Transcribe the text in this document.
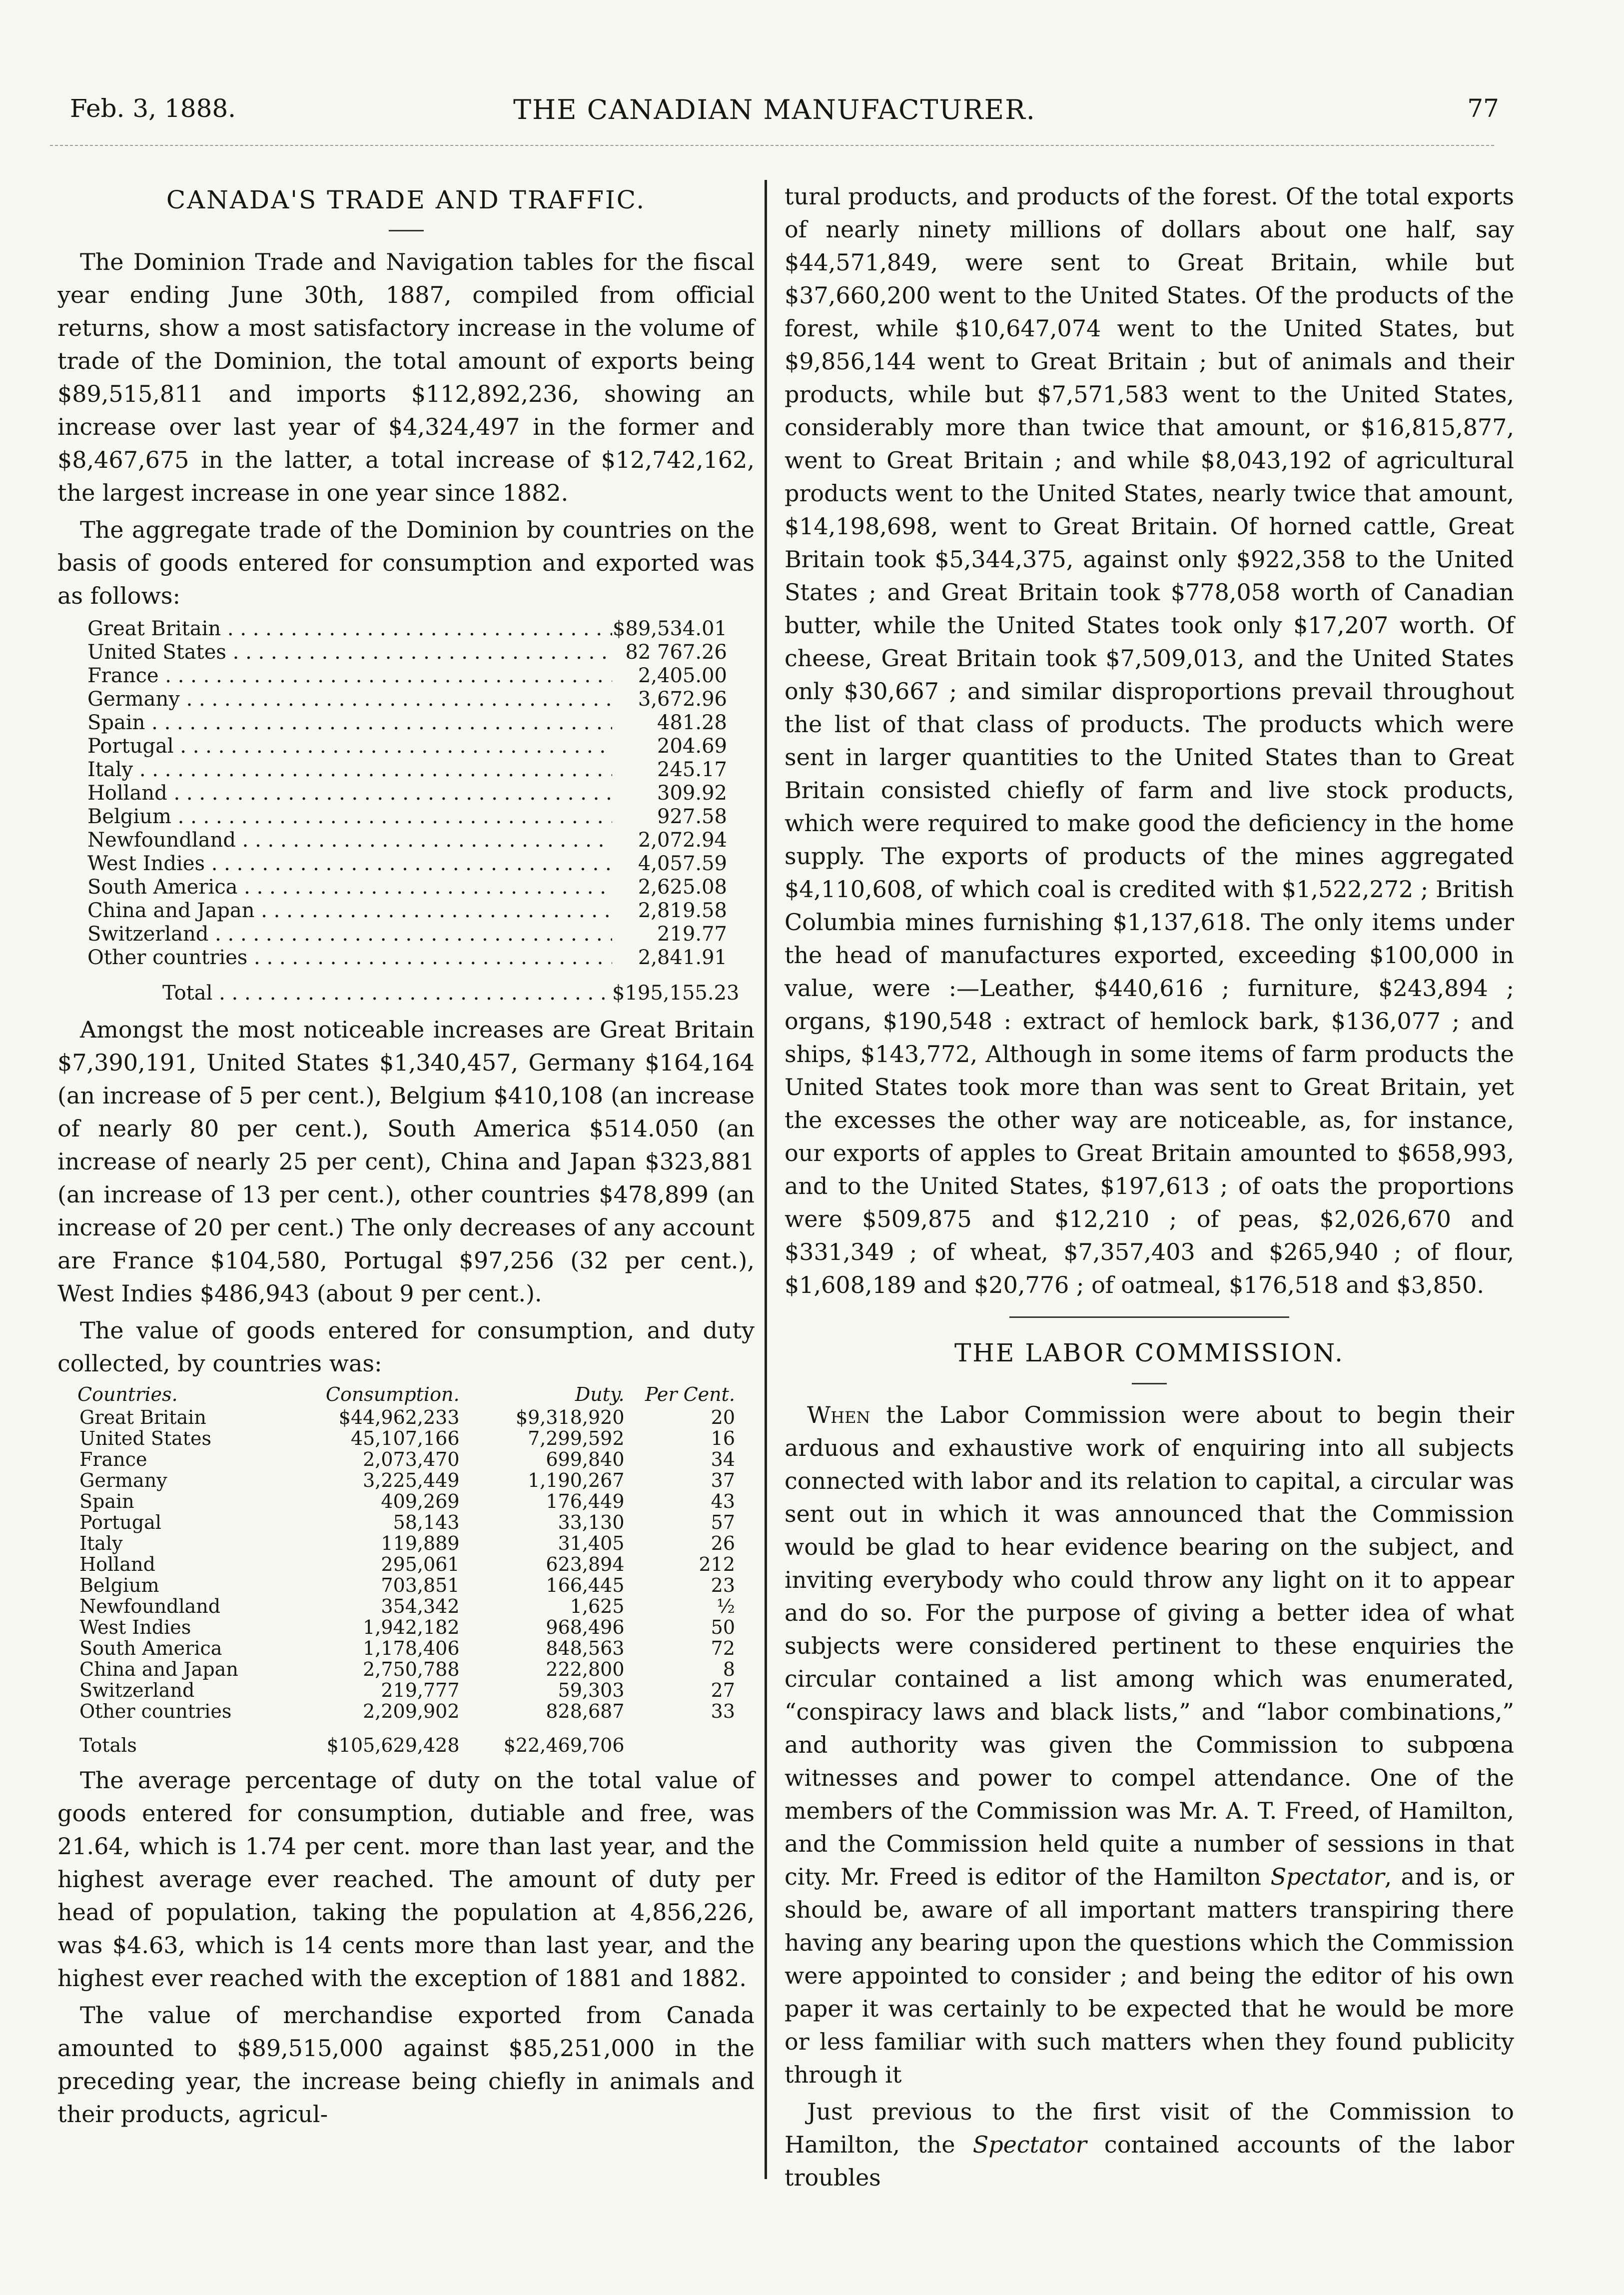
Feb. 3, 1888.	THE CANADIAN MANUFACTURER.	77
CANADA'S TRADE AND TRAFFIC.

The Dominion Trade and Navigation tables for the fiscal year ending June 30th, 1887, compiled from official returns, show a most satisfactory increase in the volume of trade of the Dominion, the total amount of exports being $89,515,811 and imports $112,892,236, showing an increase over last year of $4,324,497 in the former and $8,467,675 in the latter, a total increase of $12,742,162, the largest increase in one year since 1882.

The aggregate trade of the Dominion by countries on the basis of goods entered for consumption and exported was as follows:

Great Britain . . .	$89,534.01
United States . . .	82 767.26
France . . .	2,405.00
Germany . . .	3,672.96
Spain . . .	481.28
Portugal . . .	204.69
Italy . . .	245.17
Holland . . .	309.92
Belgium . . .	927.58
Newfoundland . . .	2,072.94
West Indies . . .	4,057.59
South America . . .	2,625.08
China and Japan . . .	2,819.58
Switzerland . . .	219.77
Other countries . . .	2,841.91
Total . . .	$195,155.23

Amongst the most noticeable increases are Great Britain $7,390,191, United States $1,340,457, Germany $164,164 (an increase of 5 per cent.), Belgium $410,108 (an increase of nearly 80 per cent.), South America $514.050 (an increase of nearly 25 per cent), China and Japan $323,881 (an increase of 13 per cent.), other countries $478,899 (an increase of 20 per cent.) The only decreases of any account are France $104,580, Portugal $97,256 (32 per cent.), West Indies $486,943 (about 9 per cent.).

The value of goods entered for consumption, and duty collected, by countries was:

Countries.	Consumption.	Duty.	Per Cent.
Great Britain	$44,962,233	$9,318,920	20
United States	45,107,166	7,299,592	16
France	2,073,470	699,840	34
Germany	3,225,449	1,190,267	37
Spain	409,269	176,449	43
Portugal	58,143	33,130	57
Italy	119,889	31,405	26
Holland	295,061	623,894	212
Belgium	703,851	166,445	23
Newfoundland	354,342	1,625	½
West Indies	1,942,182	968,496	50
South America	1,178,406	848,563	72
China and Japan	2,750,788	222,800	8
Switzerland	219,777	59,303	27
Other countries	2,209,902	828,687	33
Totals	$105,629,428	$22,469,706	

The average percentage of duty on the total value of goods entered for consumption, dutiable and free, was 21.64, which is 1.74 per cent. more than last year, and the highest average ever reached. The amount of duty per head of population, taking the population at 4,856,226, was $4.63, which is 14 cents more than last year, and the highest ever reached with the exception of 1881 and 1882.

The value of merchandise exported from Canada amounted to $89,515,000 against $85,251,000 in the preceding year, the increase being chiefly in animals and their products, agricul-

tural products, and products of the forest. Of the total exports of nearly ninety millions of dollars about one half, say $44,571,849, were sent to Great Britain, while but $37,660,200 went to the United States. Of the products of the forest, while $10,647,074 went to the United States, but $9,856,144 went to Great Britain ; but of animals and their products, while but $7,571,583 went to the United States, considerably more than twice that amount, or $16,815,877, went to Great Britain ; and while $8,043,192 of agricultural products went to the United States, nearly twice that amount, $14,198,698, went to Great Britain. Of horned cattle, Great Britain took $5,344,375, against only $922,358 to the United States ; and Great Britain took $778,058 worth of Canadian butter, while the United States took only $17,207 worth. Of cheese, Great Britain took $7,509,013, and the United States only $30,667 ; and similar disproportions prevail throughout the list of that class of products. The products which were sent in larger quantities to the United States than to Great Britain consisted chiefly of farm and live stock products, which were required to make good the deficiency in the home supply. The exports of products of the mines aggregated $4,110,608, of which coal is credited with $1,522,272 ; British Columbia mines furnishing $1,137,618. The only items under the head of manufactures exported, exceeding $100,000 in value, were :—Leather, $440,616 ; furniture, $243,894 ; organs, $190,548 : extract of hemlock bark, $136,077 ; and ships, $143,772, Although in some items of farm products the United States took more than was sent to Great Britain, yet the excesses the other way are noticeable, as, for instance, our exports of apples to Great Britain amounted to $658,993, and to the United States, $197,613 ; of oats the proportions were $509,875 and $12,210 ; of peas, $2,026,670 and $331,349 ; of wheat, $7,357,403 and $265,940 ; of flour, $1,608,189 and $20,776 ; of oatmeal, $176,518 and $3,850.

THE LABOR COMMISSION.

When the Labor Commission were about to begin their arduous and exhaustive work of enquiring into all subjects connected with labor and its relation to capital, a circular was sent out in which it was announced that the Commission would be glad to hear evidence bearing on the subject, and inviting everybody who could throw any light on it to appear and do so. For the purpose of giving a better idea of what subjects were considered pertinent to these enquiries the circular contained a list among which was enumerated, “conspiracy laws and black lists,” and “labor combinations,” and authority was given the Commission to subpœna witnesses and power to compel attendance. One of the members of the Commission was Mr. A. T. Freed, of Hamilton, and the Commission held quite a number of sessions in that city. Mr. Freed is editor of the Hamilton Spectator, and is, or should be, aware of all important matters transpiring there having any bearing upon the questions which the Commission were appointed to consider ; and being the editor of his own paper it was certainly to be expected that he would be more or less familiar with such matters when they found publicity through it

Just previous to the first visit of the Commission to Hamilton, the Spectator contained accounts of the labor troubles
